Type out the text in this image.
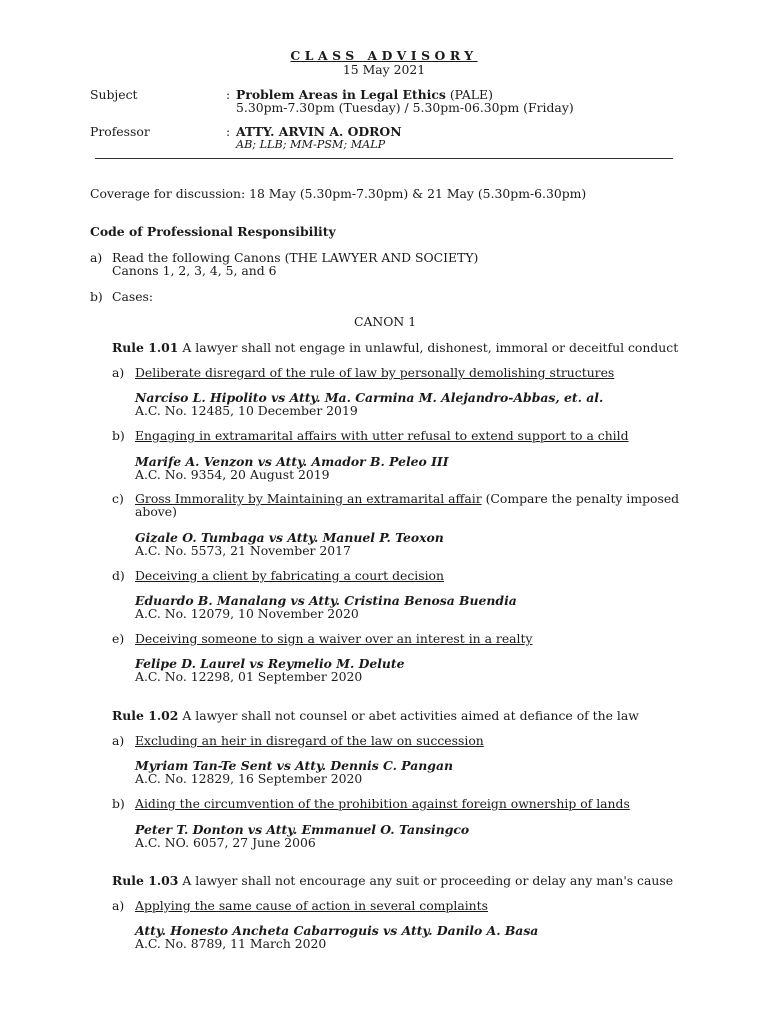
CLASS ADVISORY
15 May 2021
Subject	: Problem Areas in Legal Ethics (PALE)
5.30pm-7.30pm (Tuesday) / 5.30pm-06.30pm (Friday)
Professor	: ATTY. ARVIN A. ODRON
AB; LLB; MM-PSM; MALP
Coverage for discussion: 18 May (5.30pm-7.30pm) & 21 May (5.30pm-6.30pm)
Code of Professional Responsibility
a) Read the following Canons (THE LAWYER AND SOCIETY)
Canons 1, 2, 3, 4, 5, and 6
b) Cases:
CANON 1
Rule 1.01 A lawyer shall not engage in unlawful, dishonest, immoral or deceitful conduct
a) Deliberate disregard of the rule of law by personally demolishing structures
Narciso L. Hipolito vs Atty. Ma. Carmina M. Alejandro-Abbas, et. al.
A.C. No. 12485, 10 December 2019
b) Engaging in extramarital affairs with utter refusal to extend support to a child
Marife A. Venzon vs Atty. Amador B. Peleo III
A.C. No. 9354, 20 August 2019
c) Gross Immorality by Maintaining an extramarital affair (Compare the penalty imposed
above)
Gizale O. Tumbaga vs Atty. Manuel P. Teoxon
A.C. No. 5573, 21 November 2017
d) Deceiving a client by fabricating a court decision
Eduardo B. Manalang vs Atty. Cristina Benosa Buendia
A.C. No. 12079, 10 November 2020
e) Deceiving someone to sign a waiver over an interest in a realty
Felipe D. Laurel vs Reymelio M. Delute
A.C. No. 12298, 01 September 2020
Rule 1.02 A lawyer shall not counsel or abet activities aimed at defiance of the law
a) Excluding an heir in disregard of the law on succession
Myriam Tan-Te Sent vs Atty. Dennis C. Pangan
A.C. No. 12829, 16 September 2020
b) Aiding the circumvention of the prohibition against foreign ownership of lands
Peter T. Donton vs Atty. Emmanuel O. Tansingco
A.C. NO. 6057, 27 June 2006
Rule 1.03 A lawyer shall not encourage any suit or proceeding or delay any man's cause
a) Applying the same cause of action in several complaints
Atty. Honesto Ancheta Cabarroguis vs Atty. Danilo A. Basa
A.C. No. 8789, 11 March 2020
